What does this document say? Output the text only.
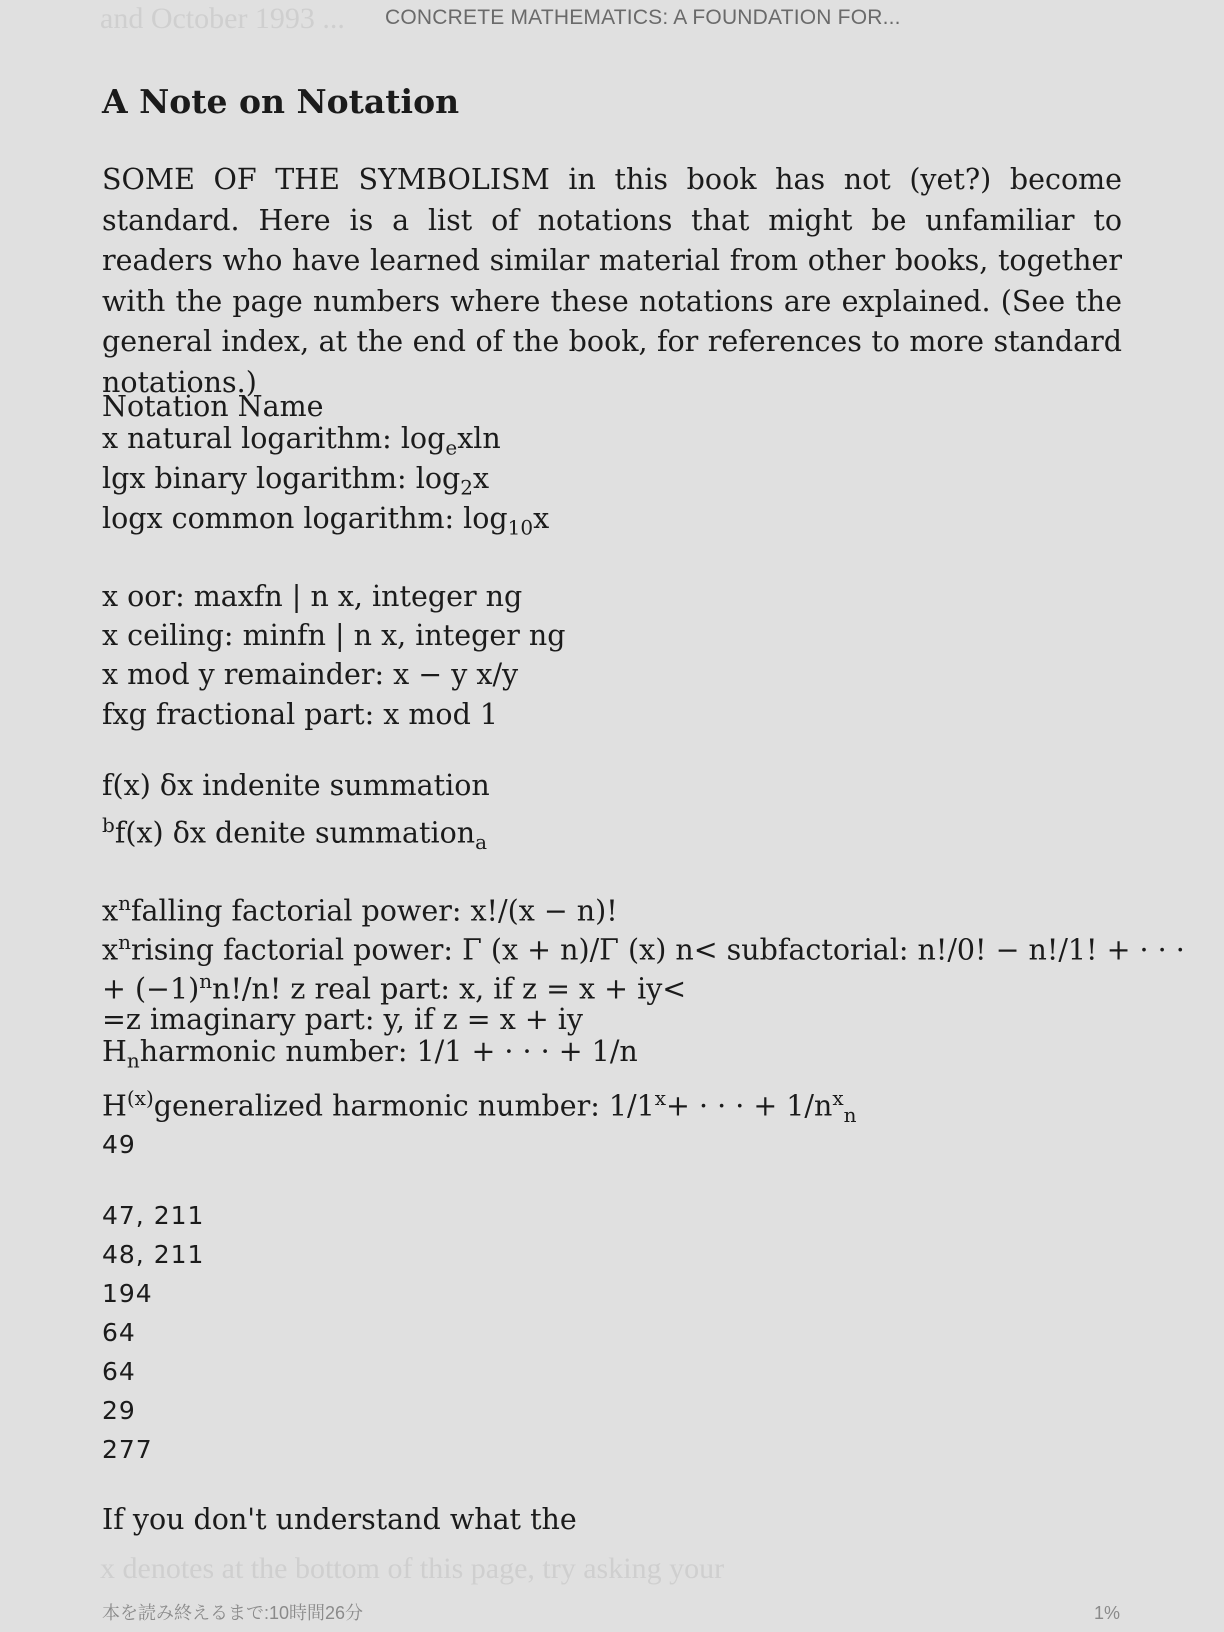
and October 1993 ... CONCRETE MATHEMATICS: A FOUNDATION FOR...
A Note on Notation

SOME OF THE SYMBOLISM in this book has not (yet?) become standard. Here is a list of notations that might be unfamiliar to readers who have learned similar material from other books, together with the page numbers where these notations are explained. (See the general index, at the end of the book, for references to more standard notations.)

Notation Name
x natural logarithm: $\log_exln$
lgx binary logarithm: $\log_2x$
logx common logarithm: $\log_{10}x$
x oor: maxfn | n x, integer ng
x ceiling: minfn | n x, integer ng
x mod y remainder: x − y x/y
fxg fractional part: x mod 1
f(x) δx indenite summation
$^b$f(x) δx denite summation$_a$
$x^nfalling$ factorial power: x!/(x − n)!
$x^nrising$ factorial power: Γ (x + n)/Γ (x) n< subfactorial: n!/0! − n!/1! + · · ·
+ $(-1)^nn!/n$! z real part: x, if z = x + iy<
=z imaginary part: y, if z = x + iy
$H_nharmonic$ number: 1/1 + · · · + 1/n
$H^{(x)}generalized$ harmonic number: $1/1^x+$ · · · + $1/n^x_n$
49
47, 211
48, 211
194
64
64
29
277
If you don't understand what the
x denotes at the bottom of this page, try asking your
本を読み終えるまで:10時間26分	1%
